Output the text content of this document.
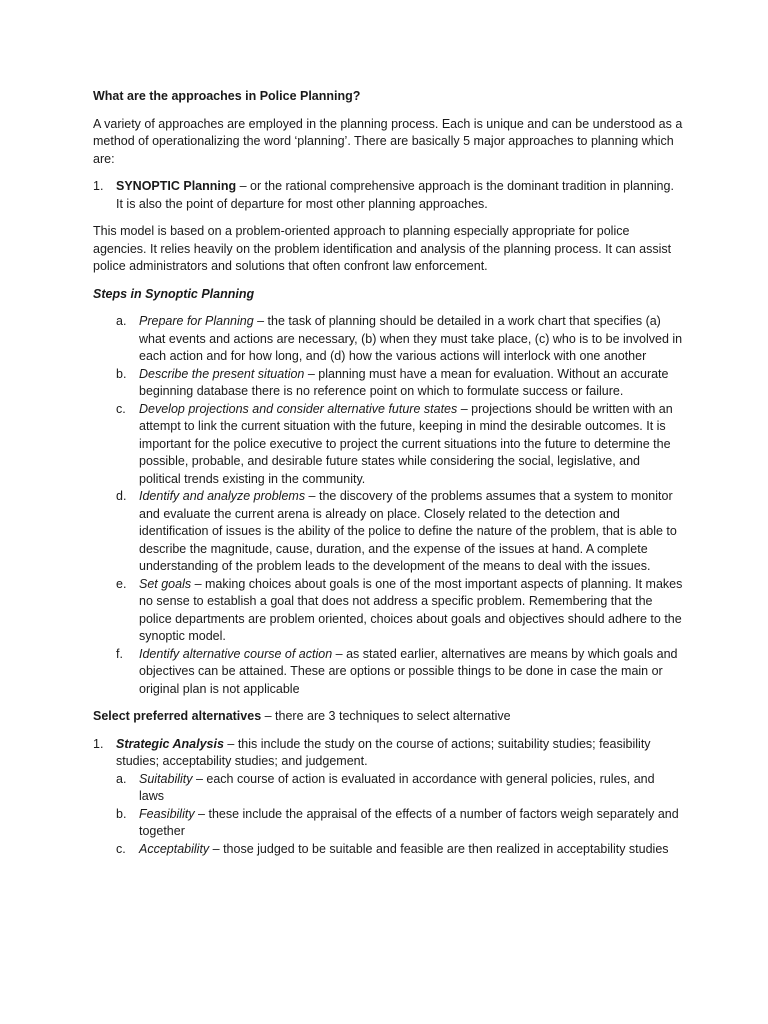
What are the approaches in Police Planning?

A variety of approaches are employed in the planning process. Each is unique and can be understood as a method of operationalizing the word ‘planning’. There are basically 5 major approaches to planning which are:

1. SYNOPTIC Planning – or the rational comprehensive approach is the dominant tradition in planning. It is also the point of departure for most other planning approaches.

This model is based on a problem-oriented approach to planning especially appropriate for police agencies. It relies heavily on the problem identification and analysis of the planning process. It can assist police administrators and solutions that often confront law enforcement.

Steps in Synoptic Planning

a. Prepare for Planning – the task of planning should be detailed in a work chart that specifies (a) what events and actions are necessary, (b) when they must take place, (c) who is to be involved in each action and for how long, and (d) how the various actions will interlock with one another
b. Describe the present situation – planning must have a mean for evaluation. Without an accurate beginning database there is no reference point on which to formulate success or failure.
c. Develop projections and consider alternative future states – projections should be written with an attempt to link the current situation with the future, keeping in mind the desirable outcomes. It is important for the police executive to project the current situations into the future to determine the possible, probable, and desirable future states while considering the social, legislative, and political trends existing in the community.
d. Identify and analyze problems – the discovery of the problems assumes that a system to monitor and evaluate the current arena is already on place. Closely related to the detection and identification of issues is the ability of the police to define the nature of the problem, that is able to describe the magnitude, cause, duration, and the expense of the issues at hand. A complete understanding of the problem leads to the development of the means to deal with the issues.
e. Set goals – making choices about goals is one of the most important aspects of planning. It makes no sense to establish a goal that does not address a specific problem. Remembering that the police departments are problem oriented, choices about goals and objectives should adhere to the synoptic model.
f. Identify alternative course of action – as stated earlier, alternatives are means by which goals and objectives can be attained. These are options or possible things to be done in case the main or original plan is not applicable

Select preferred alternatives – there are 3 techniques to select alternative

1. Strategic Analysis – this include the study on the course of actions; suitability studies; feasibility studies; acceptability studies; and judgement.
a. Suitability – each course of action is evaluated in accordance with general policies, rules, and laws
b. Feasibility – these include the appraisal of the effects of a number of factors weigh separately and together
c. Acceptability – those judged to be suitable and feasible are then realized in acceptability studies
